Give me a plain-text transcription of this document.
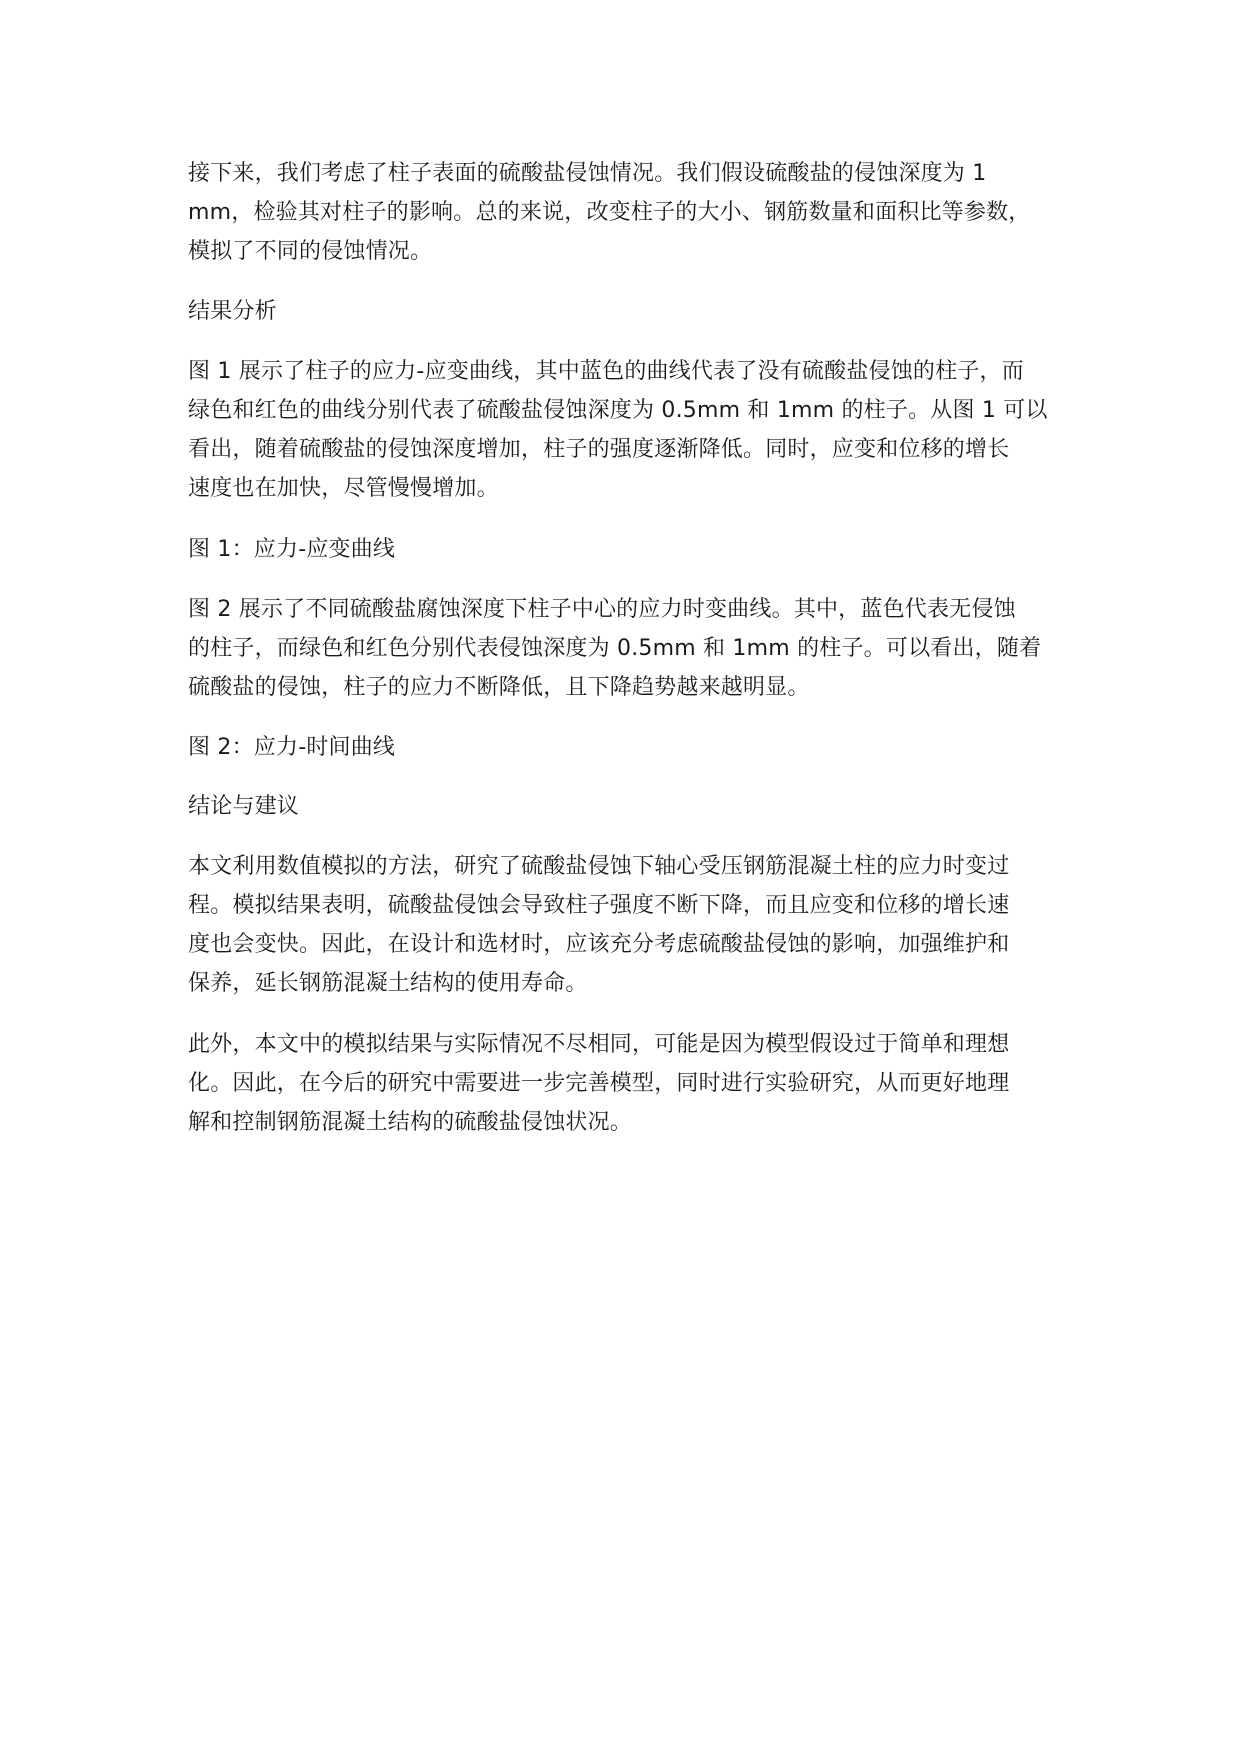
接下来，我们考虑了柱子表面的硫酸盐侵蚀情况。我们假设硫酸盐的侵蚀深度为 1
mm，检验其对柱子的影响。总的来说，改变柱子的大小、钢筋数量和面积比等参数，
模拟了不同的侵蚀情况。
结果分析
图 1 展示了柱子的应力-应变曲线，其中蓝色的曲线代表了没有硫酸盐侵蚀的柱子，而
绿色和红色的曲线分别代表了硫酸盐侵蚀深度为 0.5mm 和 1mm 的柱子。从图 1 可以
看出，随着硫酸盐的侵蚀深度增加，柱子的强度逐渐降低。同时，应变和位移的增长
速度也在加快，尽管慢慢增加。
图 1：应力-应变曲线
图 2 展示了不同硫酸盐腐蚀深度下柱子中心的应力时变曲线。其中，蓝色代表无侵蚀
的柱子，而绿色和红色分别代表侵蚀深度为 0.5mm 和 1mm 的柱子。可以看出，随着
硫酸盐的侵蚀，柱子的应力不断降低，且下降趋势越来越明显。
图 2：应力-时间曲线
结论与建议
本文利用数值模拟的方法，研究了硫酸盐侵蚀下轴心受压钢筋混凝土柱的应力时变过
程。模拟结果表明，硫酸盐侵蚀会导致柱子强度不断下降，而且应变和位移的增长速
度也会变快。因此，在设计和选材时，应该充分考虑硫酸盐侵蚀的影响，加强维护和
保养，延长钢筋混凝土结构的使用寿命。
此外，本文中的模拟结果与实际情况不尽相同，可能是因为模型假设过于简单和理想
化。因此，在今后的研究中需要进一步完善模型，同时进行实验研究，从而更好地理
解和控制钢筋混凝土结构的硫酸盐侵蚀状况。
